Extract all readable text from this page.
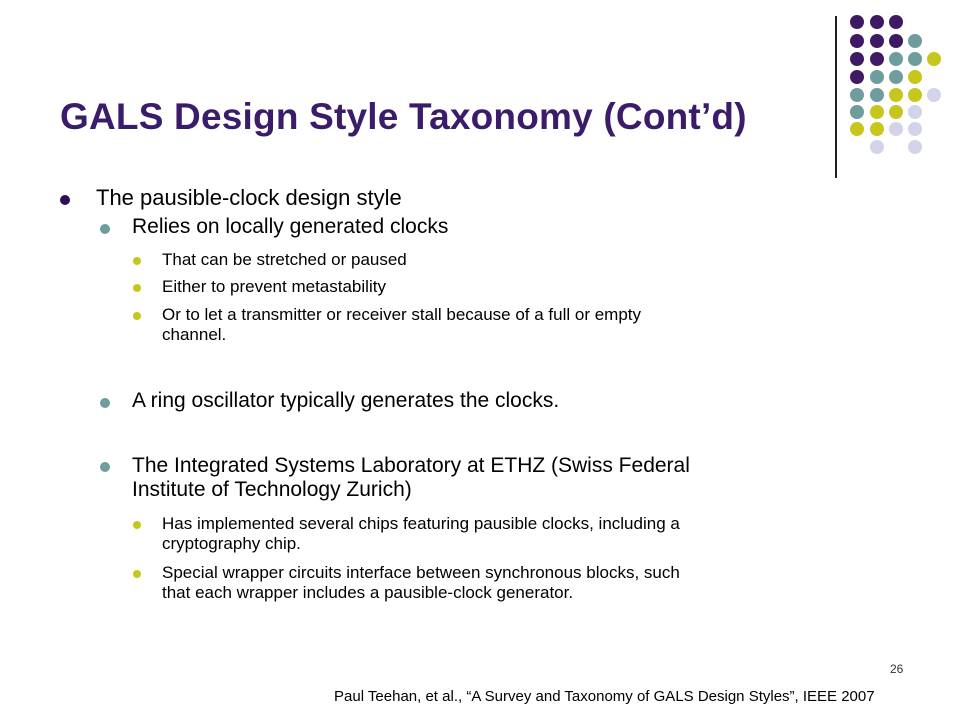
GALS Design Style Taxonomy (Cont’d)

The pausible-clock design style

Relies on locally generated clocks

That can be stretched or paused

Either to prevent metastability

Or to let a transmitter or receiver stall because of a full or empty

channel.

A ring oscillator typically generates the clocks.

The Integrated Systems Laboratory at ETHZ (Swiss Federal

Institute of Technology Zurich)

Has implemented several chips featuring pausible clocks, including a

cryptography chip.

Special wrapper circuits interface between synchronous blocks, such

that each wrapper includes a pausible-clock generator.

26
Paul Teehan, et al., “A Survey and Taxonomy of GALS Design Styles”, IEEE 2007
